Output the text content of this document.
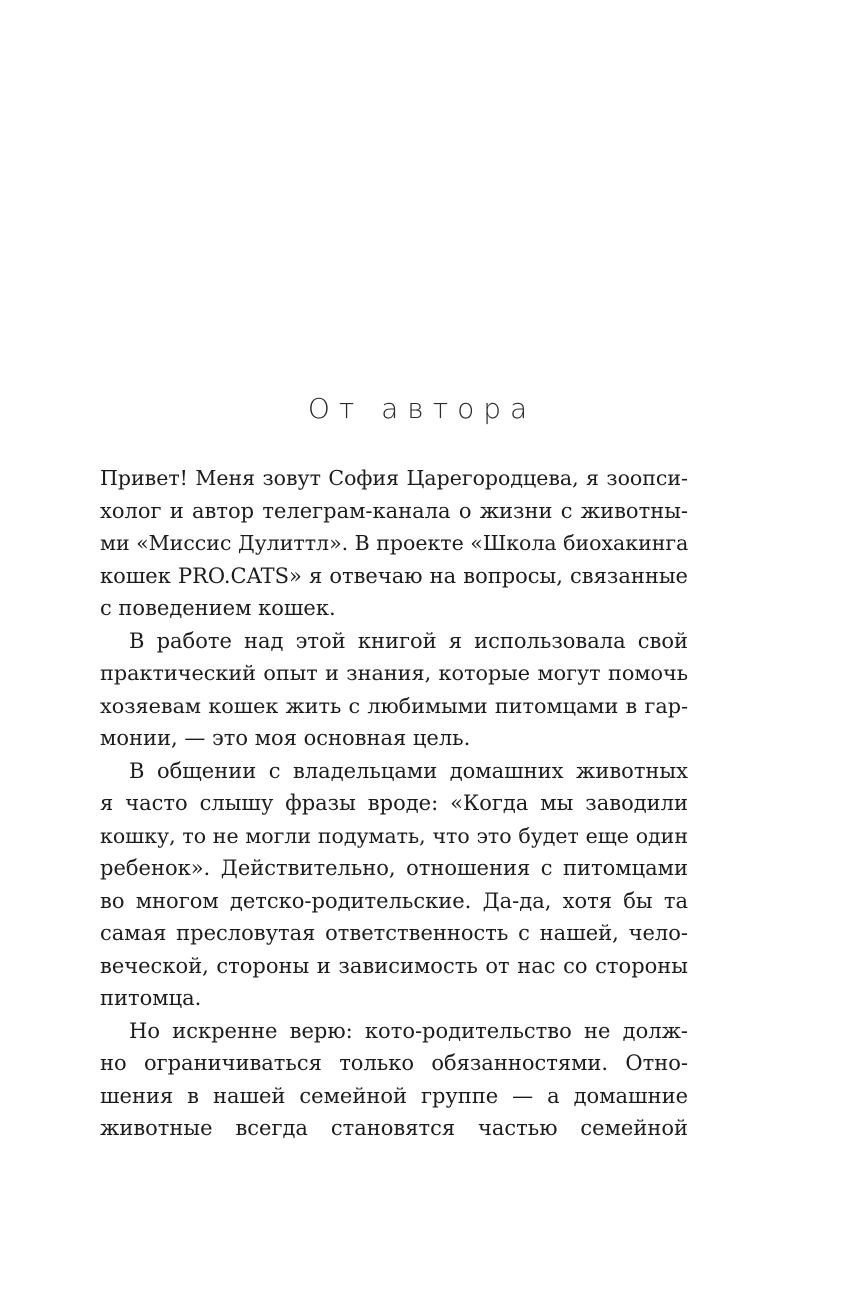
От автора
Привет! Меня зовут София Царегородцева, я зоопси-
холог и автор телеграм-канала о жизни с животны-
ми «Миссис Дулиттл». В проекте «Школа биохакинга
кошек PRO.CATS» я отвечаю на вопросы, связанные
с поведением кошек.
В работе над этой книгой я использовала свой
практический опыт и знания, которые могут помочь
хозяевам кошек жить с любимыми питомцами в гар-
монии, — это моя основная цель.
В общении с владельцами домашних животных
я часто слышу фразы вроде: «Когда мы заводили
кошку, то не могли подумать, что это будет еще один
ребенок». Действительно, отношения с питомцами
во многом детско-родительские. Да-да, хотя бы та
самая пресловутая ответственность с нашей, чело-
веческой, стороны и зависимость от нас со стороны
питомца.
Но искренне верю: кото-родительство не долж-
но ограничиваться только обязанностями. Отно-
шения в нашей семейной группе — а домашние
животные всегда становятся частью семейной
